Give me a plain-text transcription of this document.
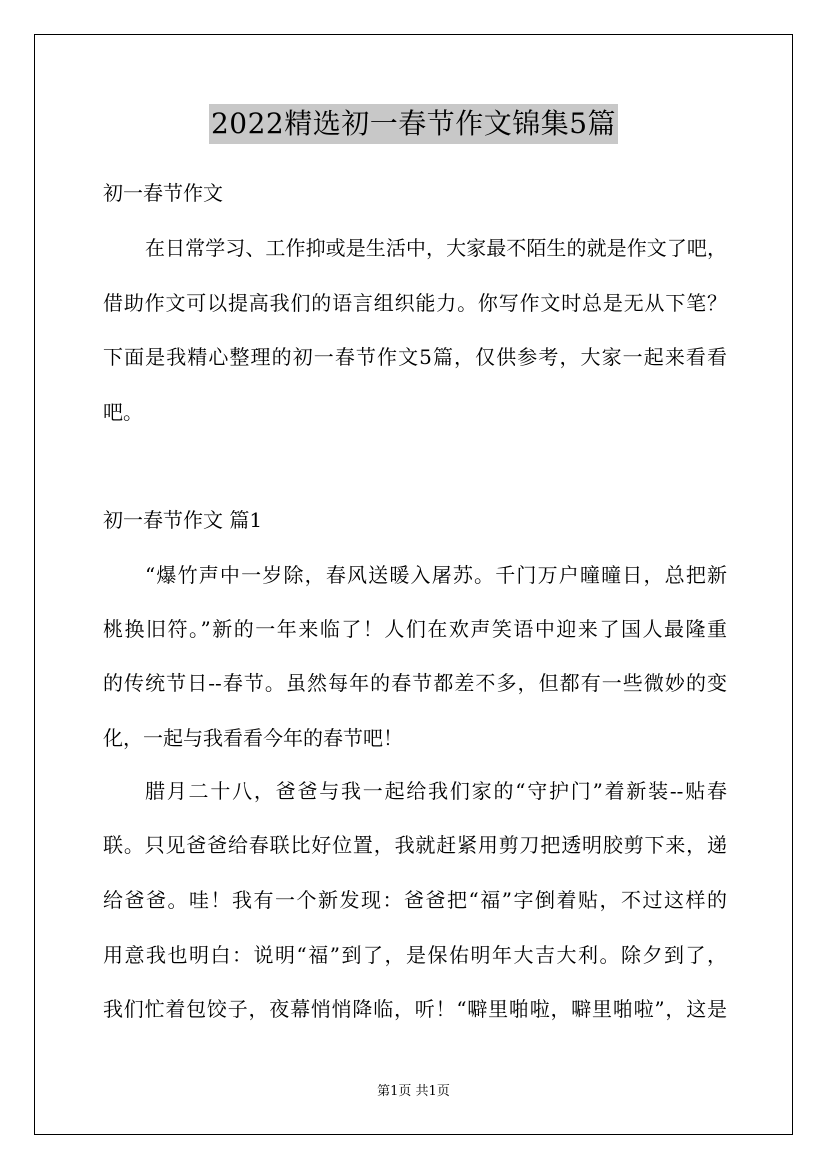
2022精选初一春节作文锦集5篇
初一春节作文
在日常学习、工作抑或是生活中，大家最不陌生的就是作文了吧，
借助作文可以提高我们的语言组织能力。你写作文时总是无从下笔？
下面是我精心整理的初一春节作文5篇，仅供参考，大家一起来看看
吧。
初一春节作文 篇1
“爆竹声中一岁除，春风送暖入屠苏。千门万户曈曈日，总把新
桃换旧符。”新的一年来临了！人们在欢声笑语中迎来了国人最隆重
的传统节日--春节。虽然每年的春节都差不多，但都有一些微妙的变
化，一起与我看看今年的春节吧！
腊月二十八，爸爸与我一起给我们家的“守护门”着新装--贴春
联。只见爸爸给春联比好位置，我就赶紧用剪刀把透明胶剪下来，递
给爸爸。哇！我有一个新发现：爸爸把“福”字倒着贴，不过这样的
用意我也明白：说明“福”到了，是保佑明年大吉大利。除夕到了，
我们忙着包饺子，夜幕悄悄降临，听！“噼里啪啦，噼里啪啦”，这是
第1页 共1页
